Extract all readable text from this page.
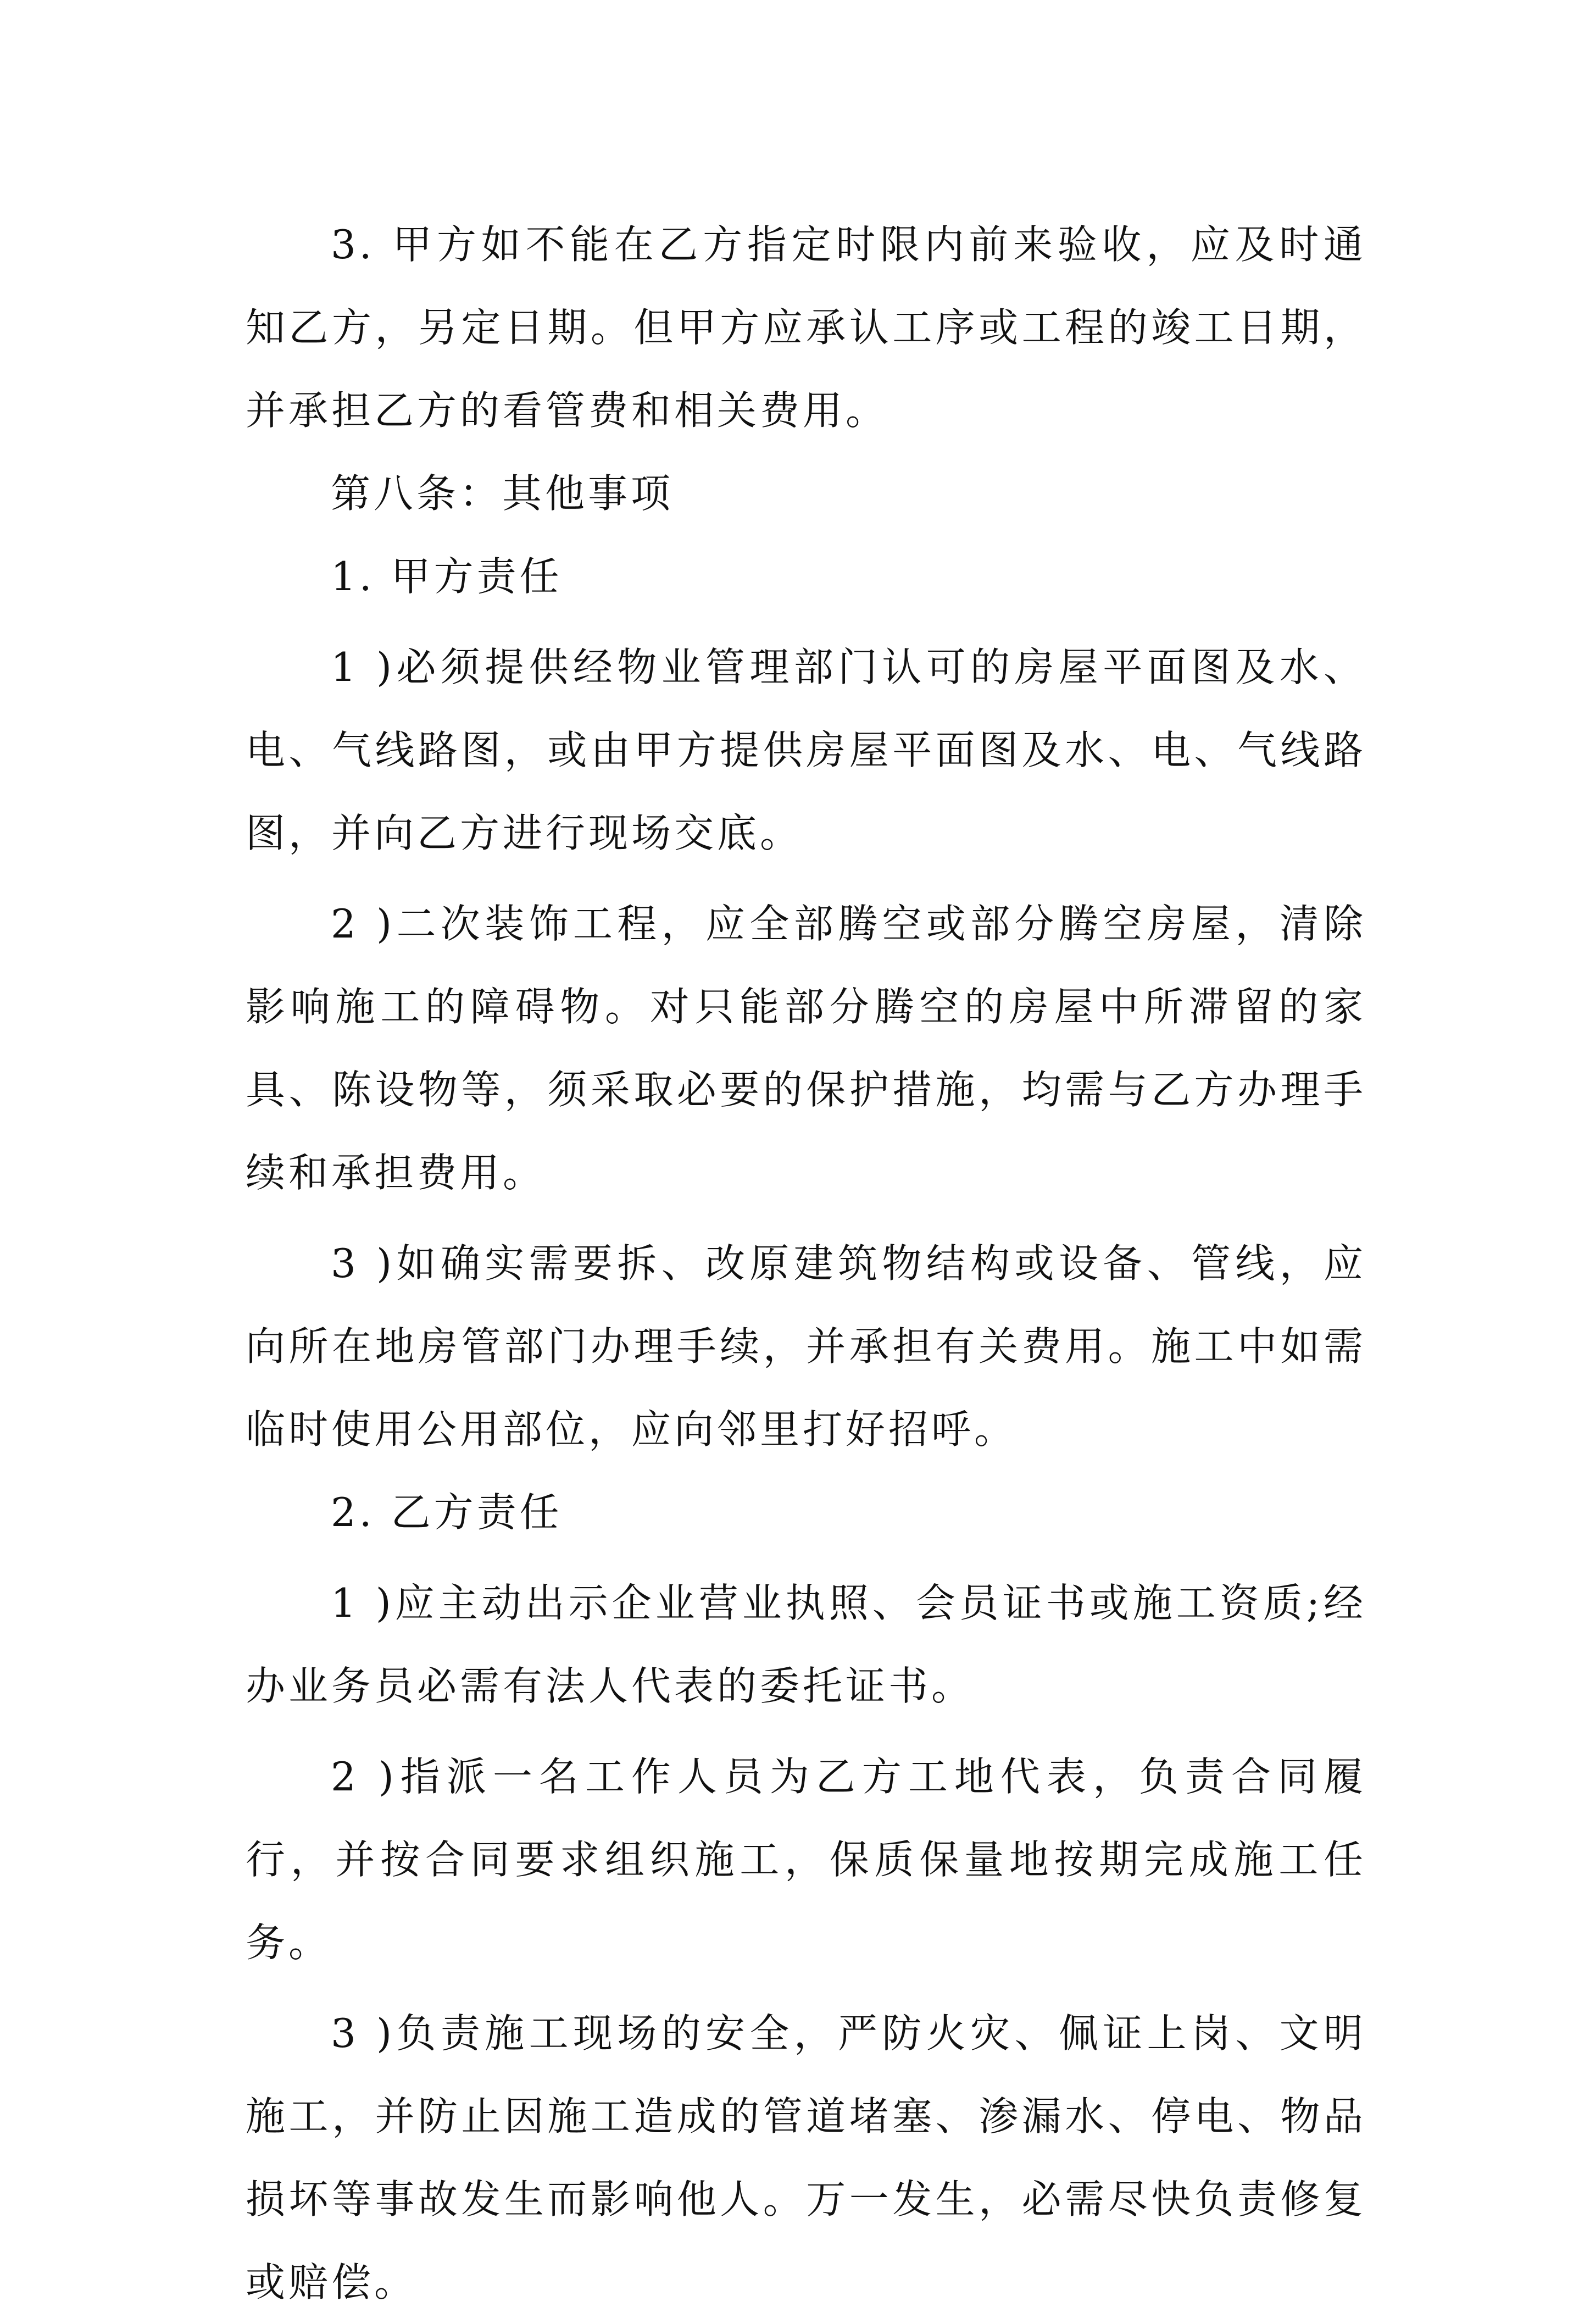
3. 甲方如不能在乙方指定时限内前来验收，应及时通知乙方，另定日期。但甲方应承认工序或工程的竣工日期，并承担乙方的看管费和相关费用。

第八条：其他事项

1. 甲方责任

1 )必须提供经物业管理部门认可的房屋平面图及水、电、气线路图，或由甲方提供房屋平面图及水、电、气线路图，并向乙方进行现场交底。

2 )二次装饰工程，应全部腾空或部分腾空房屋，清除影响施工的障碍物。对只能部分腾空的房屋中所滞留的家具、陈设物等，须采取必要的保护措施，均需与乙方办理手续和承担费用。

3 )如确实需要拆、改原建筑物结构或设备、管线，应向所在地房管部门办理手续，并承担有关费用。施工中如需临时使用公用部位，应向邻里打好招呼。

2. 乙方责任

1 )应主动出示企业营业执照、会员证书或施工资质;经办业务员必需有法人代表的委托证书。

2 )指派一名工作人员为乙方工地代表，负责合同履行，并按合同要求组织施工，保质保量地按期完成施工任务。

3 )负责施工现场的安全，严防火灾、佩证上岗、文明施工，并防止因施工造成的管道堵塞、渗漏水、停电、物品损坏等事故发生而影响他人。万一发生，必需尽快负责修复或赔偿。
